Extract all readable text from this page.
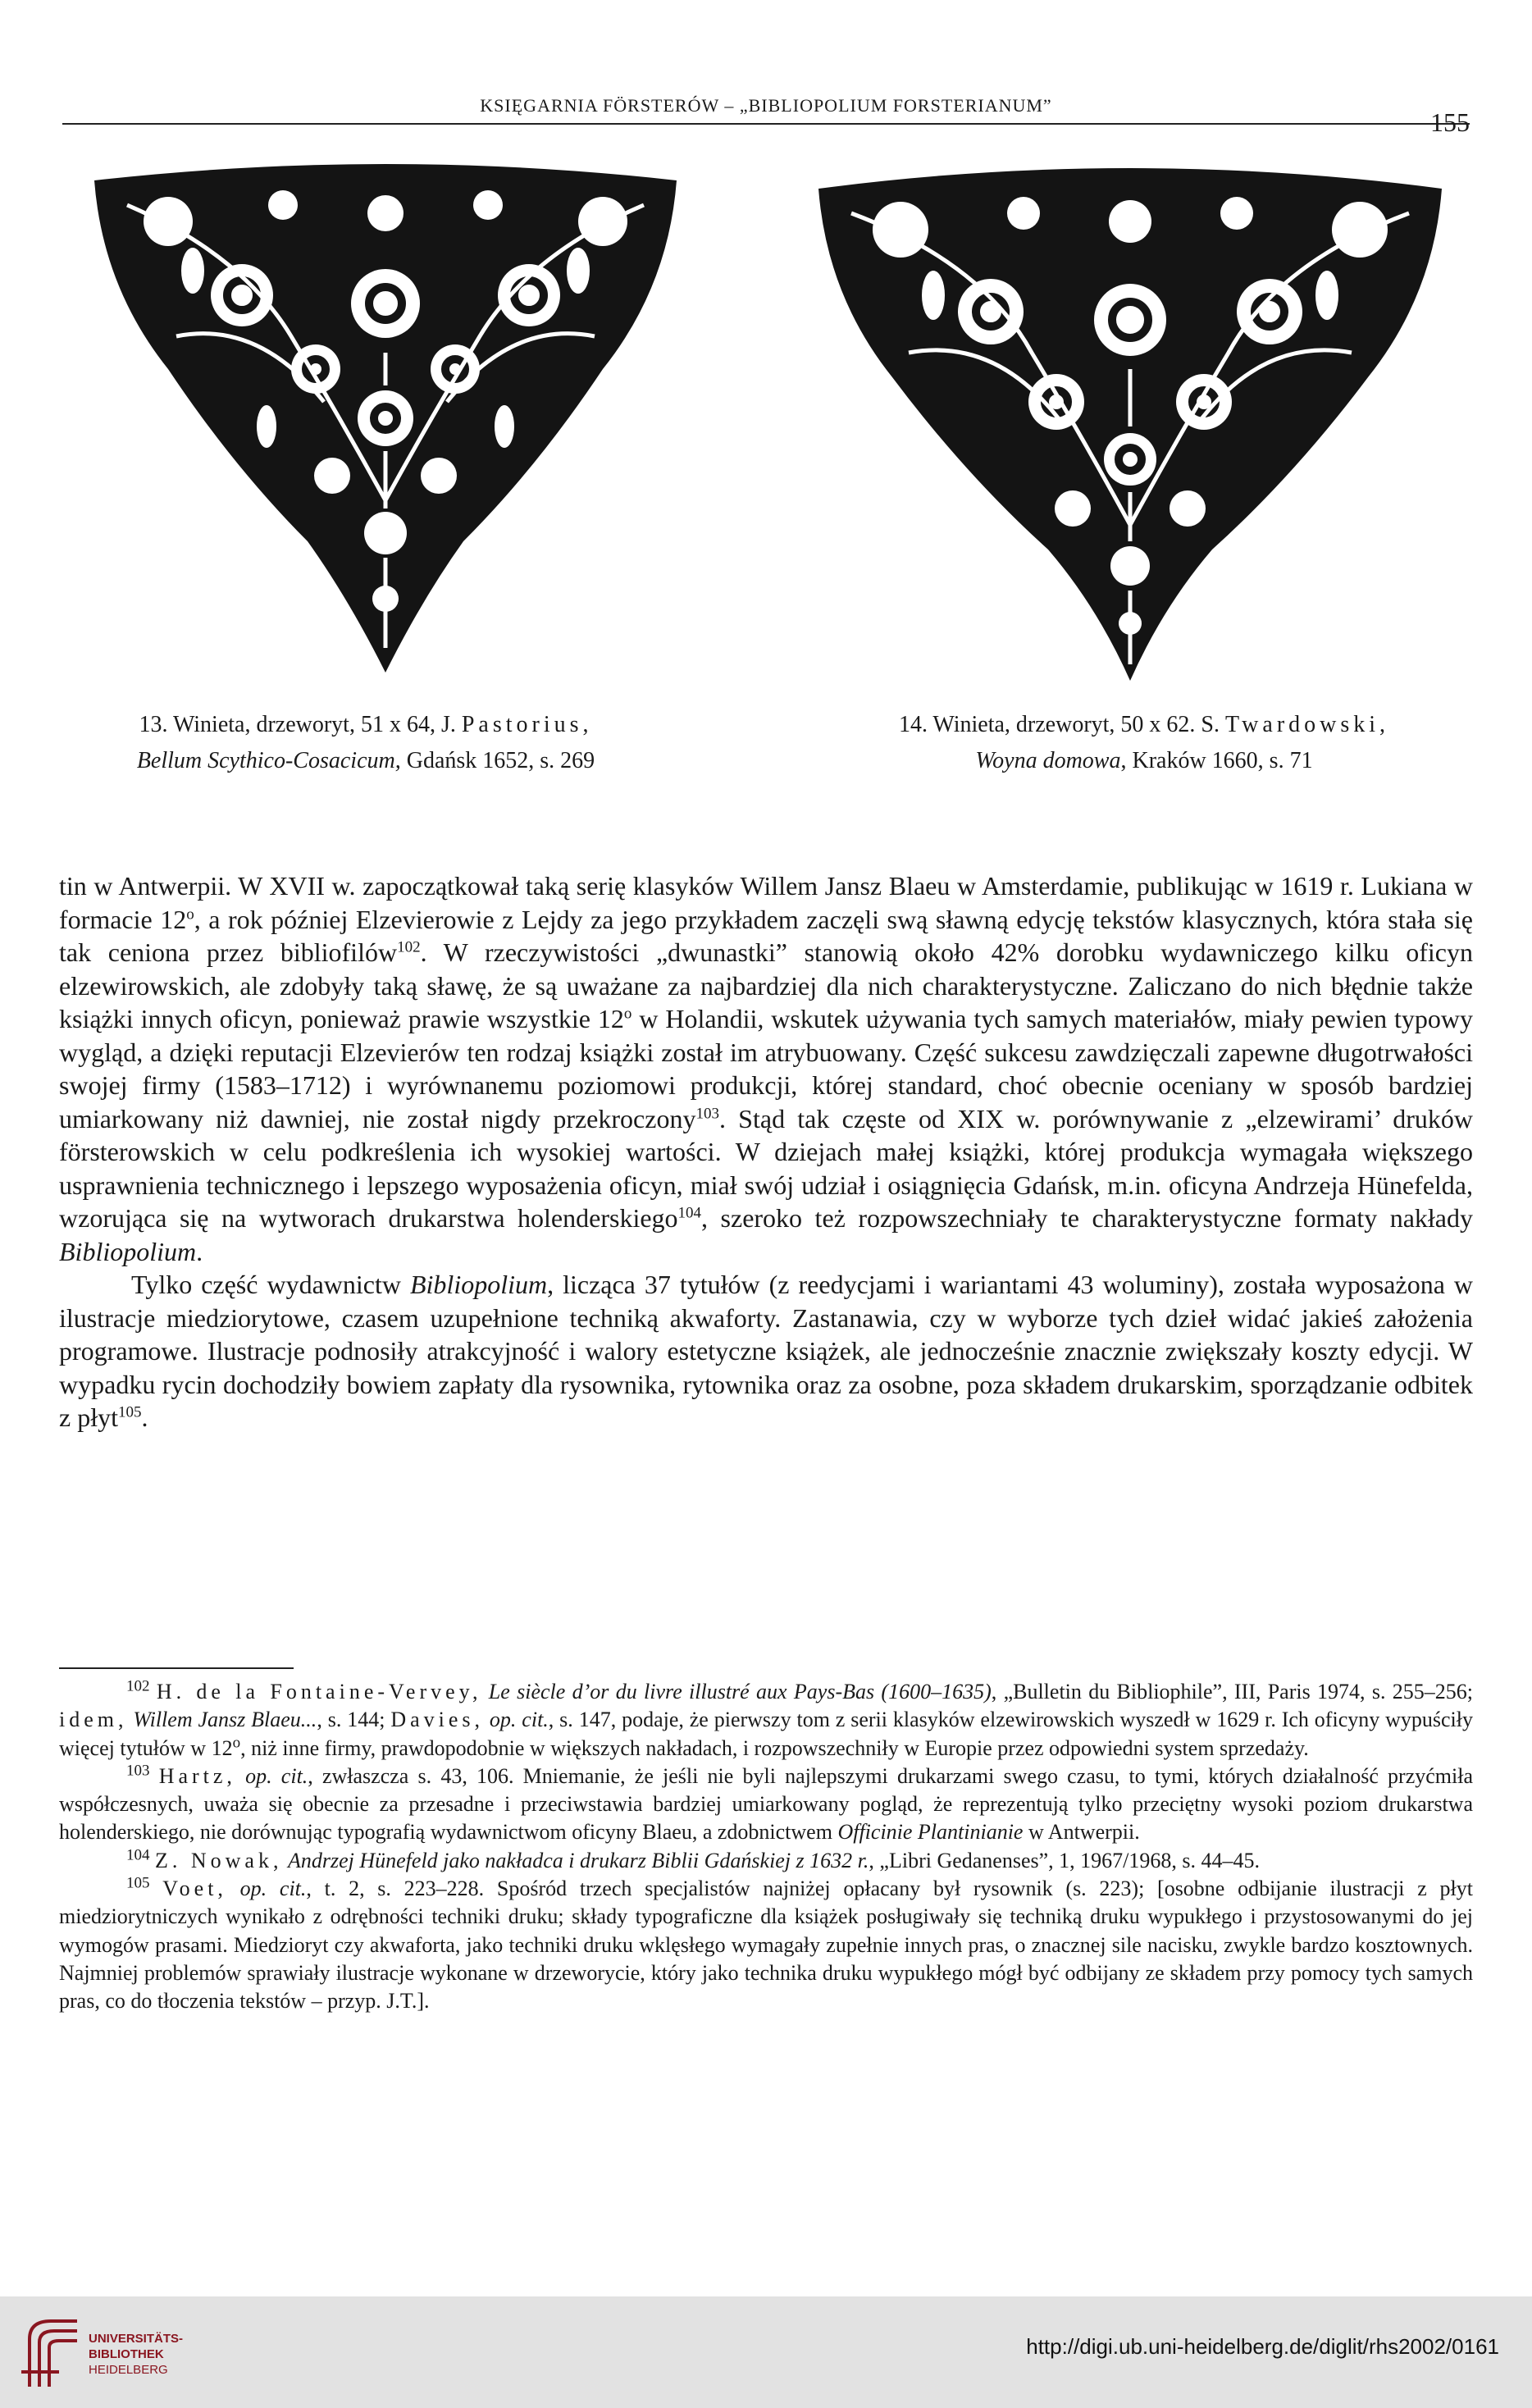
KSIĘGARNIA FÖRSTERÓW – „BIBLIOPOLIUM FORSTERIANUM”
155
13. Winieta, drzeworyt, 51 x 64, J. Pastorius,
Bellum Scythico-Cosacicum, Gdańsk 1652, s. 269
14. Winieta, drzeworyt, 50 x 62. S. Twardowski,
Woyna domowa, Kraków 1660, s. 71

tin w Antwerpii. W XVII w. zapoczątkował taką serię klasyków Willem Jansz Blaeu w Amsterdamie, publikując w 1619 r. Lukiana w formacie 12$^o$, a rok później Elzevierowie z Lejdy za jego przykładem zaczęli swą sławną edycję tekstów klasycznych, która stała się tak ceniona przez bibliofilów$^{102}$. W rzeczywistości „dwunastki” stanowią około 42% dorobku wydawniczego kilku oficyn elzewirowskich, ale zdobyły taką sławę, że są uważane za najbardziej dla nich charakterystyczne. Zaliczano do nich błędnie także książki innych oficyn, ponieważ prawie wszystkie 12$^o$ w Holandii, wskutek używania tych samych materiałów, miały pewien typowy wygląd, a dzięki reputacji Elzevierów ten rodzaj książki został im atrybuowany. Część sukcesu zawdzięczali zapewne długotrwałości swojej firmy (1583–1712) i wyrównanemu poziomowi produkcji, której standard, choć obecnie oceniany w sposób bardziej umiarkowany niż dawniej, nie został nigdy przekroczony$^{103}$. Stąd tak częste od XIX w. porównywanie z „elzewirami’ druków försterowskich w celu podkreślenia ich wysokiej wartości. W dziejach małej książki, której produkcja wymagała większego usprawnienia technicznego i lepszego wyposażenia oficyn, miał swój udział i osiągnięcia Gdańsk, m.in. oficyna Andrzeja Hünefelda, wzorująca się na wytworach drukarstwa holenderskiego$^{104}$, szeroko też rozpowszechniały te charakterystyczne formaty nakłady Bibliopolium.

Tylko część wydawnictw Bibliopolium, licząca 37 tytułów (z reedycjami i wariantami 43 woluminy), została wyposażona w ilustracje miedziorytowe, czasem uzupełnione techniką akwaforty. Zastanawia, czy w wyborze tych dzieł widać jakieś założenia programowe. Ilustracje podnosiły atrakcyjność i walory estetyczne książek, ale jednocześnie znacznie zwiększały koszty edycji. W wypadku rycin dochodziły bowiem zapłaty dla rysownika, rytownika oraz za osobne, poza składem drukarskim, sporządzanie odbitek z płyt$^{105}$.

$^{102}$ H. de la Fontaine-Vervey, Le siècle d’or du livre illustré aux Pays-Bas (1600–1635), „Bulletin du Bibliophile”, III, Paris 1974, s. 255–256; idem, Willem Jansz Blaeu..., s. 144; Davies, op. cit., s. 147, podaje, że pierwszy tom z serii klasyków elzewirowskich wyszedł w 1629 r. Ich oficyny wypuściły więcej tytułów w 12$^o$, niż inne firmy, prawdopodobnie w większych nakładach, i rozpowszechniły w Europie przez odpowiedni system sprzedaży.

$^{103}$ Hartz, op. cit., zwłaszcza s. 43, 106. Mniemanie, że jeśli nie byli najlepszymi drukarzami swego czasu, to tymi, których działalność przyćmiła współczesnych, uważa się obecnie za przesadne i przeciwstawia bardziej umiarkowany pogląd, że reprezentują tylko przeciętny wysoki poziom drukarstwa holenderskiego, nie dorównując typografią wydawnictwom oficyny Blaeu, a zdobnictwem Officinie Plantinianie w Antwerpii.

$^{104}$ Z. Nowak, Andrzej Hünefeld jako nakładca i drukarz Biblii Gdańskiej z 1632 r., „Libri Gedanenses”, 1, 1967/1968, s. 44–45.

$^{105}$ Voet, op. cit., t. 2, s. 223–228. Spośród trzech specjalistów najniżej opłacany był rysownik (s. 223); [osobne odbijanie ilustracji z płyt miedziorytniczych wynikało z odrębności techniki druku; składy typograficzne dla książek posługiwały się techniką druku wypukłego i przystosowanymi do jej wymogów prasami. Miedzioryt czy akwaforta, jako techniki druku wklęsłego wymagały zupełnie innych pras, o znacznej sile nacisku, zwykle bardzo kosztownych. Najmniej problemów sprawiały ilustracje wykonane w drzeworycie, który jako technika druku wypukłego mógł być odbijany ze składem przy pomocy tych samych pras, co do tłoczenia tekstów – przyp. J.T.].

UNIVERSITÄTS-
BIBLIOTHEK
HEIDELBERG
http://digi.ub.uni-heidelberg.de/diglit/rhs2002/0161
